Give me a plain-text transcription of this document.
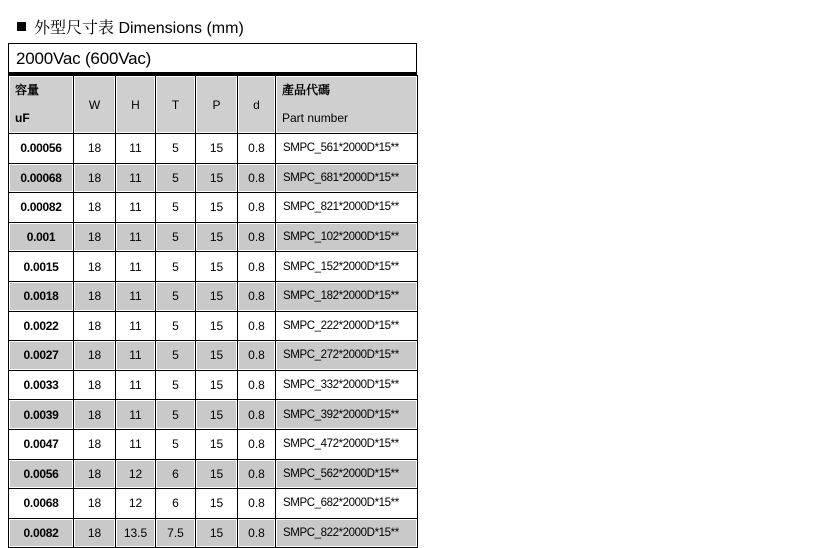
外型尺寸表 Dimensions (mm)
2000Vac (600Vac)
容量
uF	W	H	T	P	d	產品代碼
Part number

0.00056	18	11	5	15	0.8	SMPC_561*2000D*15**
0.00068	18	11	5	15	0.8	SMPC_681*2000D*15**
0.00082	18	11	5	15	0.8	SMPC_821*2000D*15**
0.001	18	11	5	15	0.8	SMPC_102*2000D*15**
0.0015	18	11	5	15	0.8	SMPC_152*2000D*15**
0.0018	18	11	5	15	0.8	SMPC_182*2000D*15**
0.0022	18	11	5	15	0.8	SMPC_222*2000D*15**
0.0027	18	11	5	15	0.8	SMPC_272*2000D*15**
0.0033	18	11	5	15	0.8	SMPC_332*2000D*15**
0.0039	18	11	5	15	0.8	SMPC_392*2000D*15**
0.0047	18	11	5	15	0.8	SMPC_472*2000D*15**
0.0056	18	12	6	15	0.8	SMPC_562*2000D*15**
0.0068	18	12	6	15	0.8	SMPC_682*2000D*15**
0.0082	18	13.5	7.5	15	0.8	SMPC_822*2000D*15**
